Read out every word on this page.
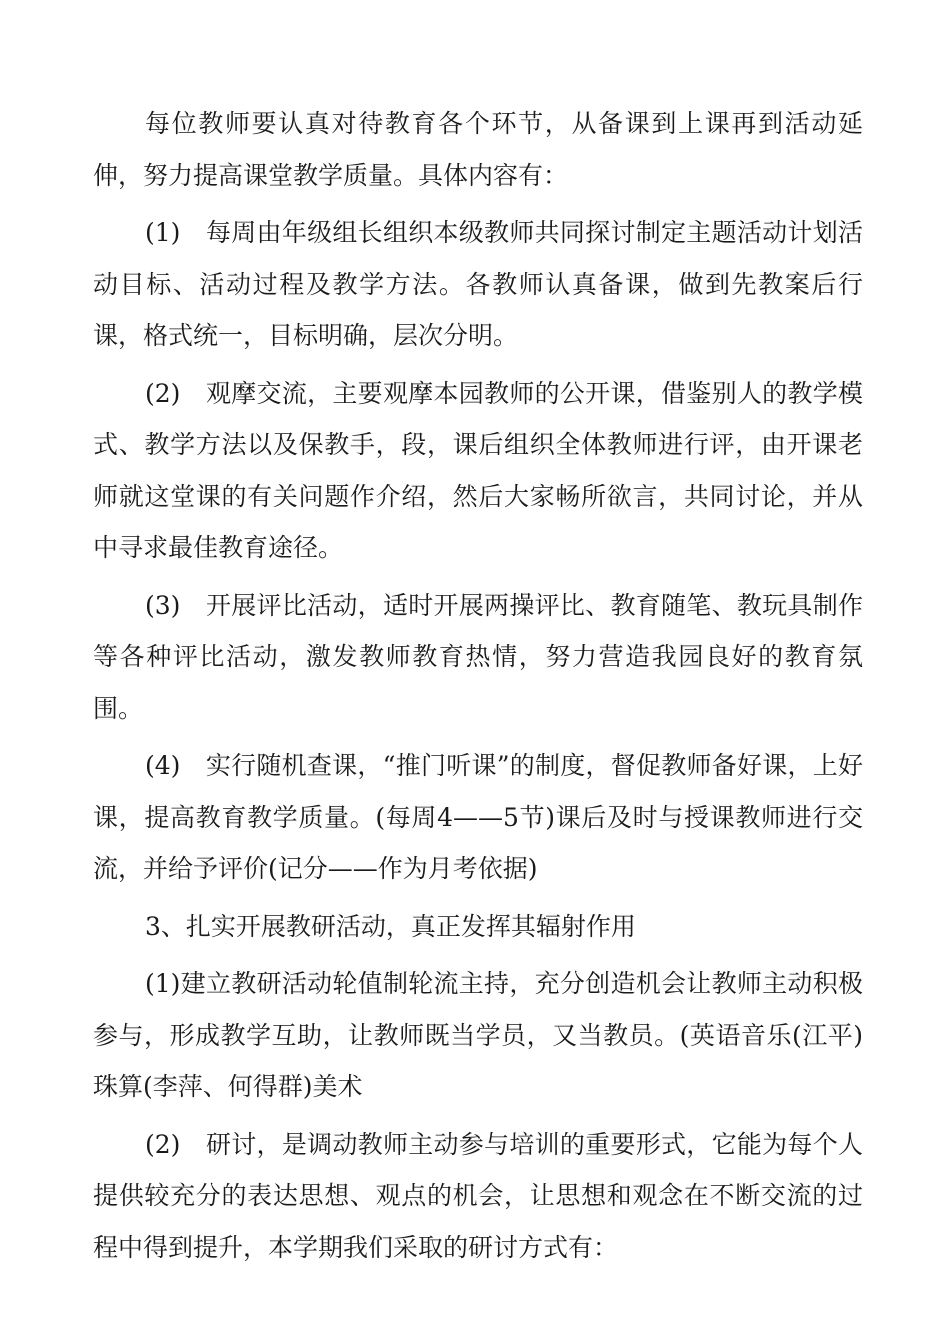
每位教师要认真对待教育各个环节，从备课到上课再到活动延伸，努力提高课堂教学质量。具体内容有：

(1)　每周由年级组长组织本级教师共同探讨制定主题活动计划活动目标、活动过程及教学方法。各教师认真备课，做到先教案后行课，格式统一，目标明确，层次分明。

(2)　观摩交流，主要观摩本园教师的公开课，借鉴别人的教学模式、教学方法以及保教手，段，课后组织全体教师进行评，由开课老师就这堂课的有关问题作介绍，然后大家畅所欲言，共同讨论，并从中寻求最佳教育途径。

(3)　开展评比活动，适时开展两操评比、教育随笔、教玩具制作等各种评比活动，激发教师教育热情，努力营造我园良好的教育氛围。

(4)　实行随机查课，“推门听课”的制度，督促教师备好课，上好课，提高教育教学质量。(每周4——5节)课后及时与授课教师进行交流，并给予评价(记分——作为月考依据)

3、扎实开展教研活动，真正发挥其辐射作用

(1)建立教研活动轮值制轮流主持，充分创造机会让教师主动积极参与，形成教学互助，让教师既当学员，又当教员。(英语音乐(江平)珠算(李萍、何得群)美术

(2)　研讨，是调动教师主动参与培训的重要形式，它能为每个人提供较充分的表达思想、观点的机会，让思想和观念在不断交流的过程中得到提升，本学期我们采取的研讨方式有：
